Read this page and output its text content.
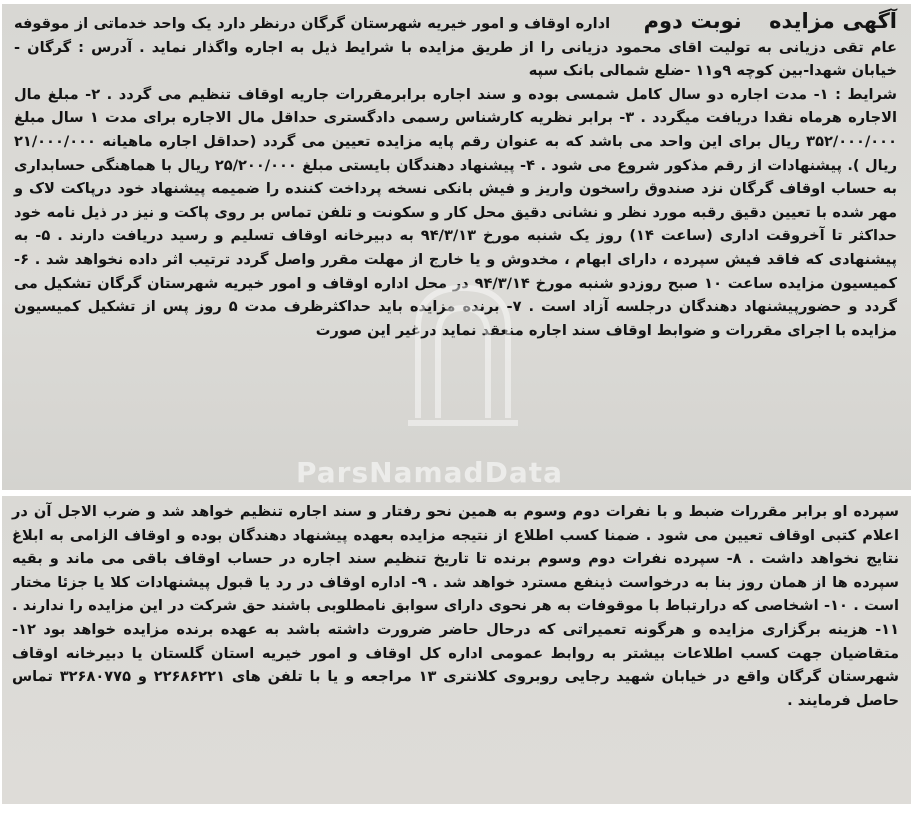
آگهی مزایده نوبت دوم اداره اوقاف و امور خیریه شهرستان گرگان درنظر دارد یک واحد خدماتی از موقوفه عام تقی دزیانی به تولیت اقای محمود دزیانی را از طریق مزایده با شرایط ذیل به اجاره واگذار نماید . آدرس : گرگان - خیابان شهدا-بین کوچه ۹و۱۱ -ضلع شمالی بانک سپه

شرایط : ۱- مدت اجاره دو سال کامل شمسی بوده و سند اجاره برابرمقررات جاریه اوقاف تنظیم می گردد . ۲- مبلغ مال الاجاره هرماه نقدا دریافت میگردد . ۳- برابر نظریه کارشناس رسمی دادگستری حداقل مال الاجاره برای مدت ۱ سال مبلغ ۳۵۲/۰۰۰/۰۰۰ ریال برای این واحد می باشد که به عنوان رقم پایه مزایده تعیین می گردد (حداقل اجاره ماهیانه ۲۱/۰۰۰/۰۰۰ ریال ). پیشنهادات از رقم مذکور شروع می شود . ۴- پیشنهاد دهندگان بایستی مبلغ ۲۵/۲۰۰/۰۰۰ ریال با هماهنگی حسابداری به حساب اوقاف گرگان نزد صندوق راسخون واریز و فیش بانکی نسخه پرداخت کننده را ضمیمه پیشنهاد خود درپاکت لاک و مهر شده با تعیین دقیق رقبه مورد نظر و نشانی دقیق محل کار و سکونت و تلفن تماس بر روی پاکت و نیز در ذیل نامه خود حداکثر تا آخروقت اداری (ساعت ۱۴) روز یک شنبه مورخ ۹۴/۳/۱۳ به دبیرخانه اوقاف تسلیم و رسید دریافت دارند . ۵- به پیشنهادی که فاقد فیش سپرده ، دارای ابهام ، مخدوش و یا خارج از مهلت مقرر واصل گردد ترتیب اثر داده نخواهد شد . ۶- کمیسیون مزایده ساعت ۱۰ صبح روزدو شنبه مورخ ۹۴/۳/۱۴ در محل اداره اوقاف و امور خیریه شهرستان گرگان تشکیل می گردد و حضورپیشنهاد دهندگان درجلسه آزاد است . ۷- برنده مزایده باید حداکثرظرف مدت ۵ روز پس از تشکیل کمیسیون مزایده با اجرای مقررات و ضوابط اوقاف سند اجاره منعقد نماید درغیر این صورت

سپرده او برابر مقررات ضبط و با نفرات دوم وسوم به همین نحو رفتار و سند اجاره تنظیم خواهد شد و ضرب الاجل آن در اعلام کتبی اوقاف تعیین می شود . ضمنا کسب اطلاع از نتیجه مزایده بعهده پیشنهاد دهندگان بوده و اوقاف الزامی به ابلاغ نتایج نخواهد داشت . ۸- سپرده نفرات دوم وسوم برنده تا تاریخ تنظیم سند اجاره در حساب اوقاف باقی می ماند و بقیه سپرده ها از همان روز بنا به درخواست ذینفع مسترد خواهد شد . ۹- اداره اوقاف در رد یا قبول پیشنهادات کلا یا جزئا مختار است . ۱۰- اشخاصی که درارتباط با موقوفات به هر نحوی دارای سوابق نامطلوبی باشند حق شرکت در این مزایده را ندارند . ۱۱- هزینه برگزاری مزایده و هرگونه تعمیراتی که درحال حاضر ضرورت داشته باشد به عهده برنده مزایده خواهد بود ۱۲- متقاضیان جهت کسب اطلاعات بیشتر به روابط عمومی اداره کل اوقاف و امور خیریه استان گلستان یا دبیرخانه اوقاف شهرستان گرگان واقع در خیابان شهید رجایی روبروی کلانتری ۱۳ مراجعه و یا با تلفن های ۲۲۶۸۶۲۲۱ و ۳۲۶۸۰۷۷۵ تماس حاصل فرمایند .

ParsNamadData
